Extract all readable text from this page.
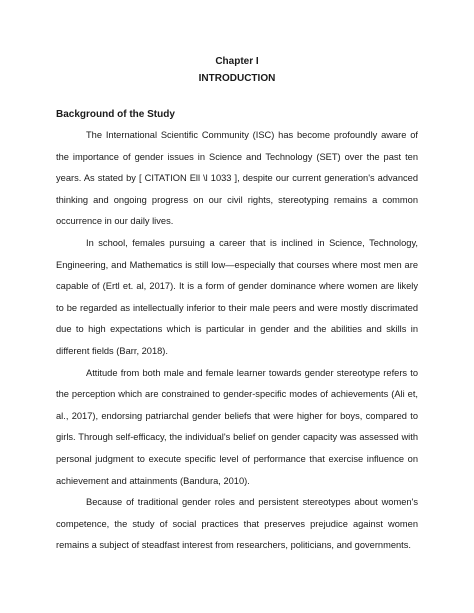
Chapter I
INTRODUCTION
Background of the Study

The International Scientific Community (ISC) has become profoundly aware of the importance of gender issues in Science and Technology (SET) over the past ten years. As stated by [ CITATION Ell \l 1033 ], despite our current generation's advanced thinking and ongoing progress on our civil rights, stereotyping remains a common occurrence in our daily lives.

In school, females pursuing a career that is inclined in Science, Technology, Engineering, and Mathematics is still low—especially that courses where most men are capable of (Ertl et. al, 2017). It is a form of gender dominance where women are likely to be regarded as intellectually inferior to their male peers and were mostly discrimated due to high expectations which is particular in gender and the abilities and skills in different fields (Barr, 2018).

Attitude from both male and female learner towards gender stereotype refers to the perception which are constrained to gender-specific modes of achievements (Ali et, al., 2017), endorsing patriarchal gender beliefs that were higher for boys, compared to girls. Through self-efficacy, the individual's belief on gender capacity was assessed with personal judgment to execute specific level of performance that exercise influence on achievement and attainments (Bandura, 2010).

Because of traditional gender roles and persistent stereotypes about women's competence, the study of social practices that preserves prejudice against women remains a subject of steadfast interest from researchers, politicians, and governments.
